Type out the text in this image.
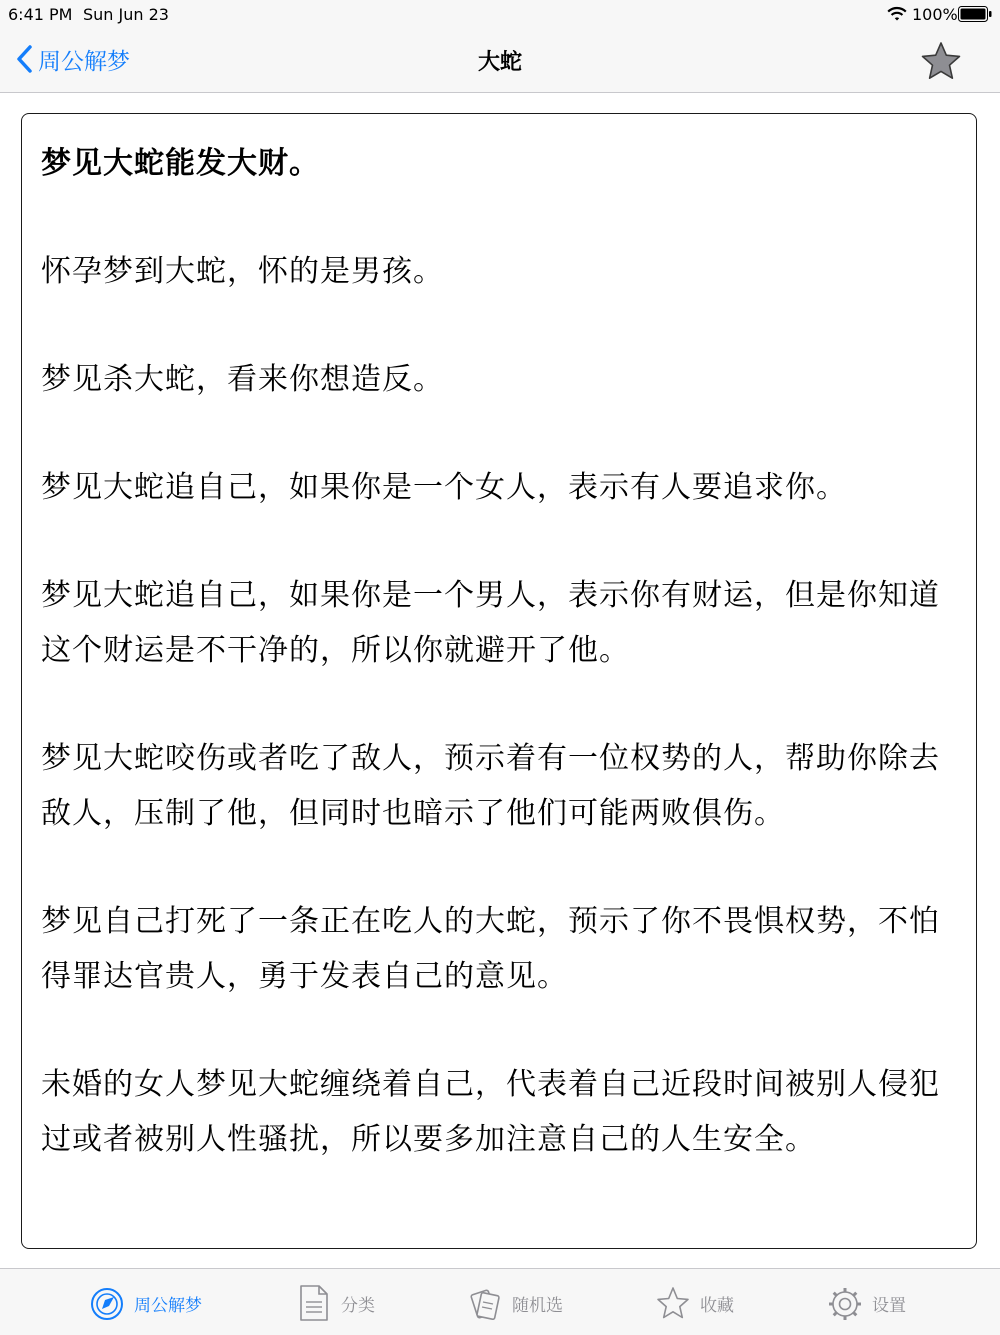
6:41 PM Sun Jun 23	100%
周公解梦	大蛇

梦见大蛇能发大财。

怀孕梦到大蛇，怀的是男孩。

梦见杀大蛇，看来你想造反。

梦见大蛇追自己，如果你是一个女人，表示有人要追求你。

梦见大蛇追自己，如果你是一个男人，表示你有财运，但是你知道这个财运是不干净的，所以你就避开了他。

梦见大蛇咬伤或者吃了敌人，预示着有一位权势的人，帮助你除去敌人，压制了他，但同时也暗示了他们可能两败俱伤。

梦见自己打死了一条正在吃人的大蛇，预示了你不畏惧权势，不怕得罪达官贵人，勇于发表自己的意见。

未婚的女人梦见大蛇缠绕着自己，代表着自己近段时间被别人侵犯过或者被别人性骚扰，所以要多加注意自己的人生安全。

周公解梦	分类	随机选	收藏	设置
